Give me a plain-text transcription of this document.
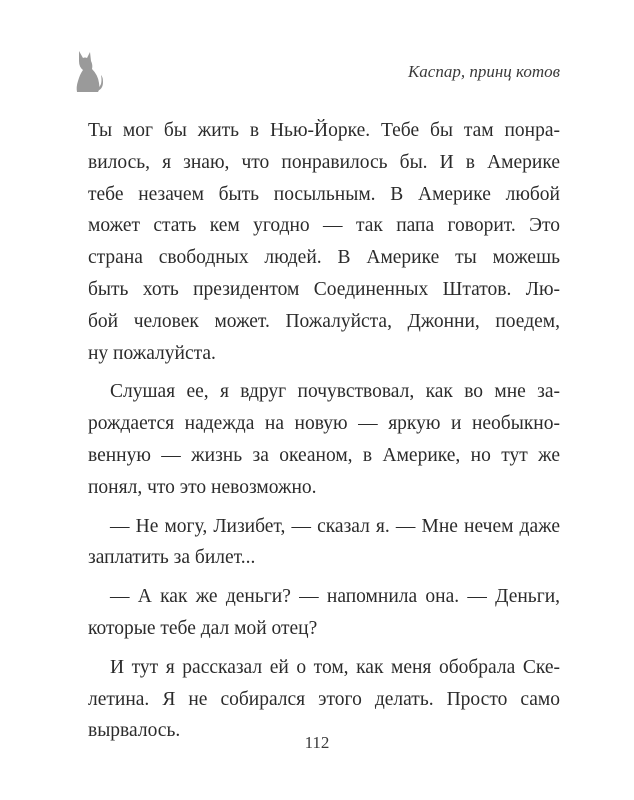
Каспар, принц котов
Ты мог бы жить в Нью-Йорке. Тебе бы там понра-
вилось, я знаю, что понравилось бы. И в Америке
тебе незачем быть посыльным. В Америке любой
может стать кем угодно — так папа говорит. Это
страна свободных людей. В Америке ты можешь
быть хоть президентом Соединенных Штатов. Лю-
бой человек может. Пожалуйста, Джонни, поедем,
ну пожалуйста.
Слушая ее, я вдруг почувствовал, как во мне за-
рождается надежда на новую — яркую и необыкно-
венную — жизнь за океаном, в Америке, но тут же
понял, что это невозможно.
— Не могу, Лизибет, — сказал я. — Мне нечем даже
заплатить за билет...
— А как же деньги? — напомнила она. — Деньги,
которые тебе дал мой отец?
И тут я рассказал ей о том, как меня обобрала Ске-
летина. Я не собирался этого делать. Просто само
вырвалось.
112
